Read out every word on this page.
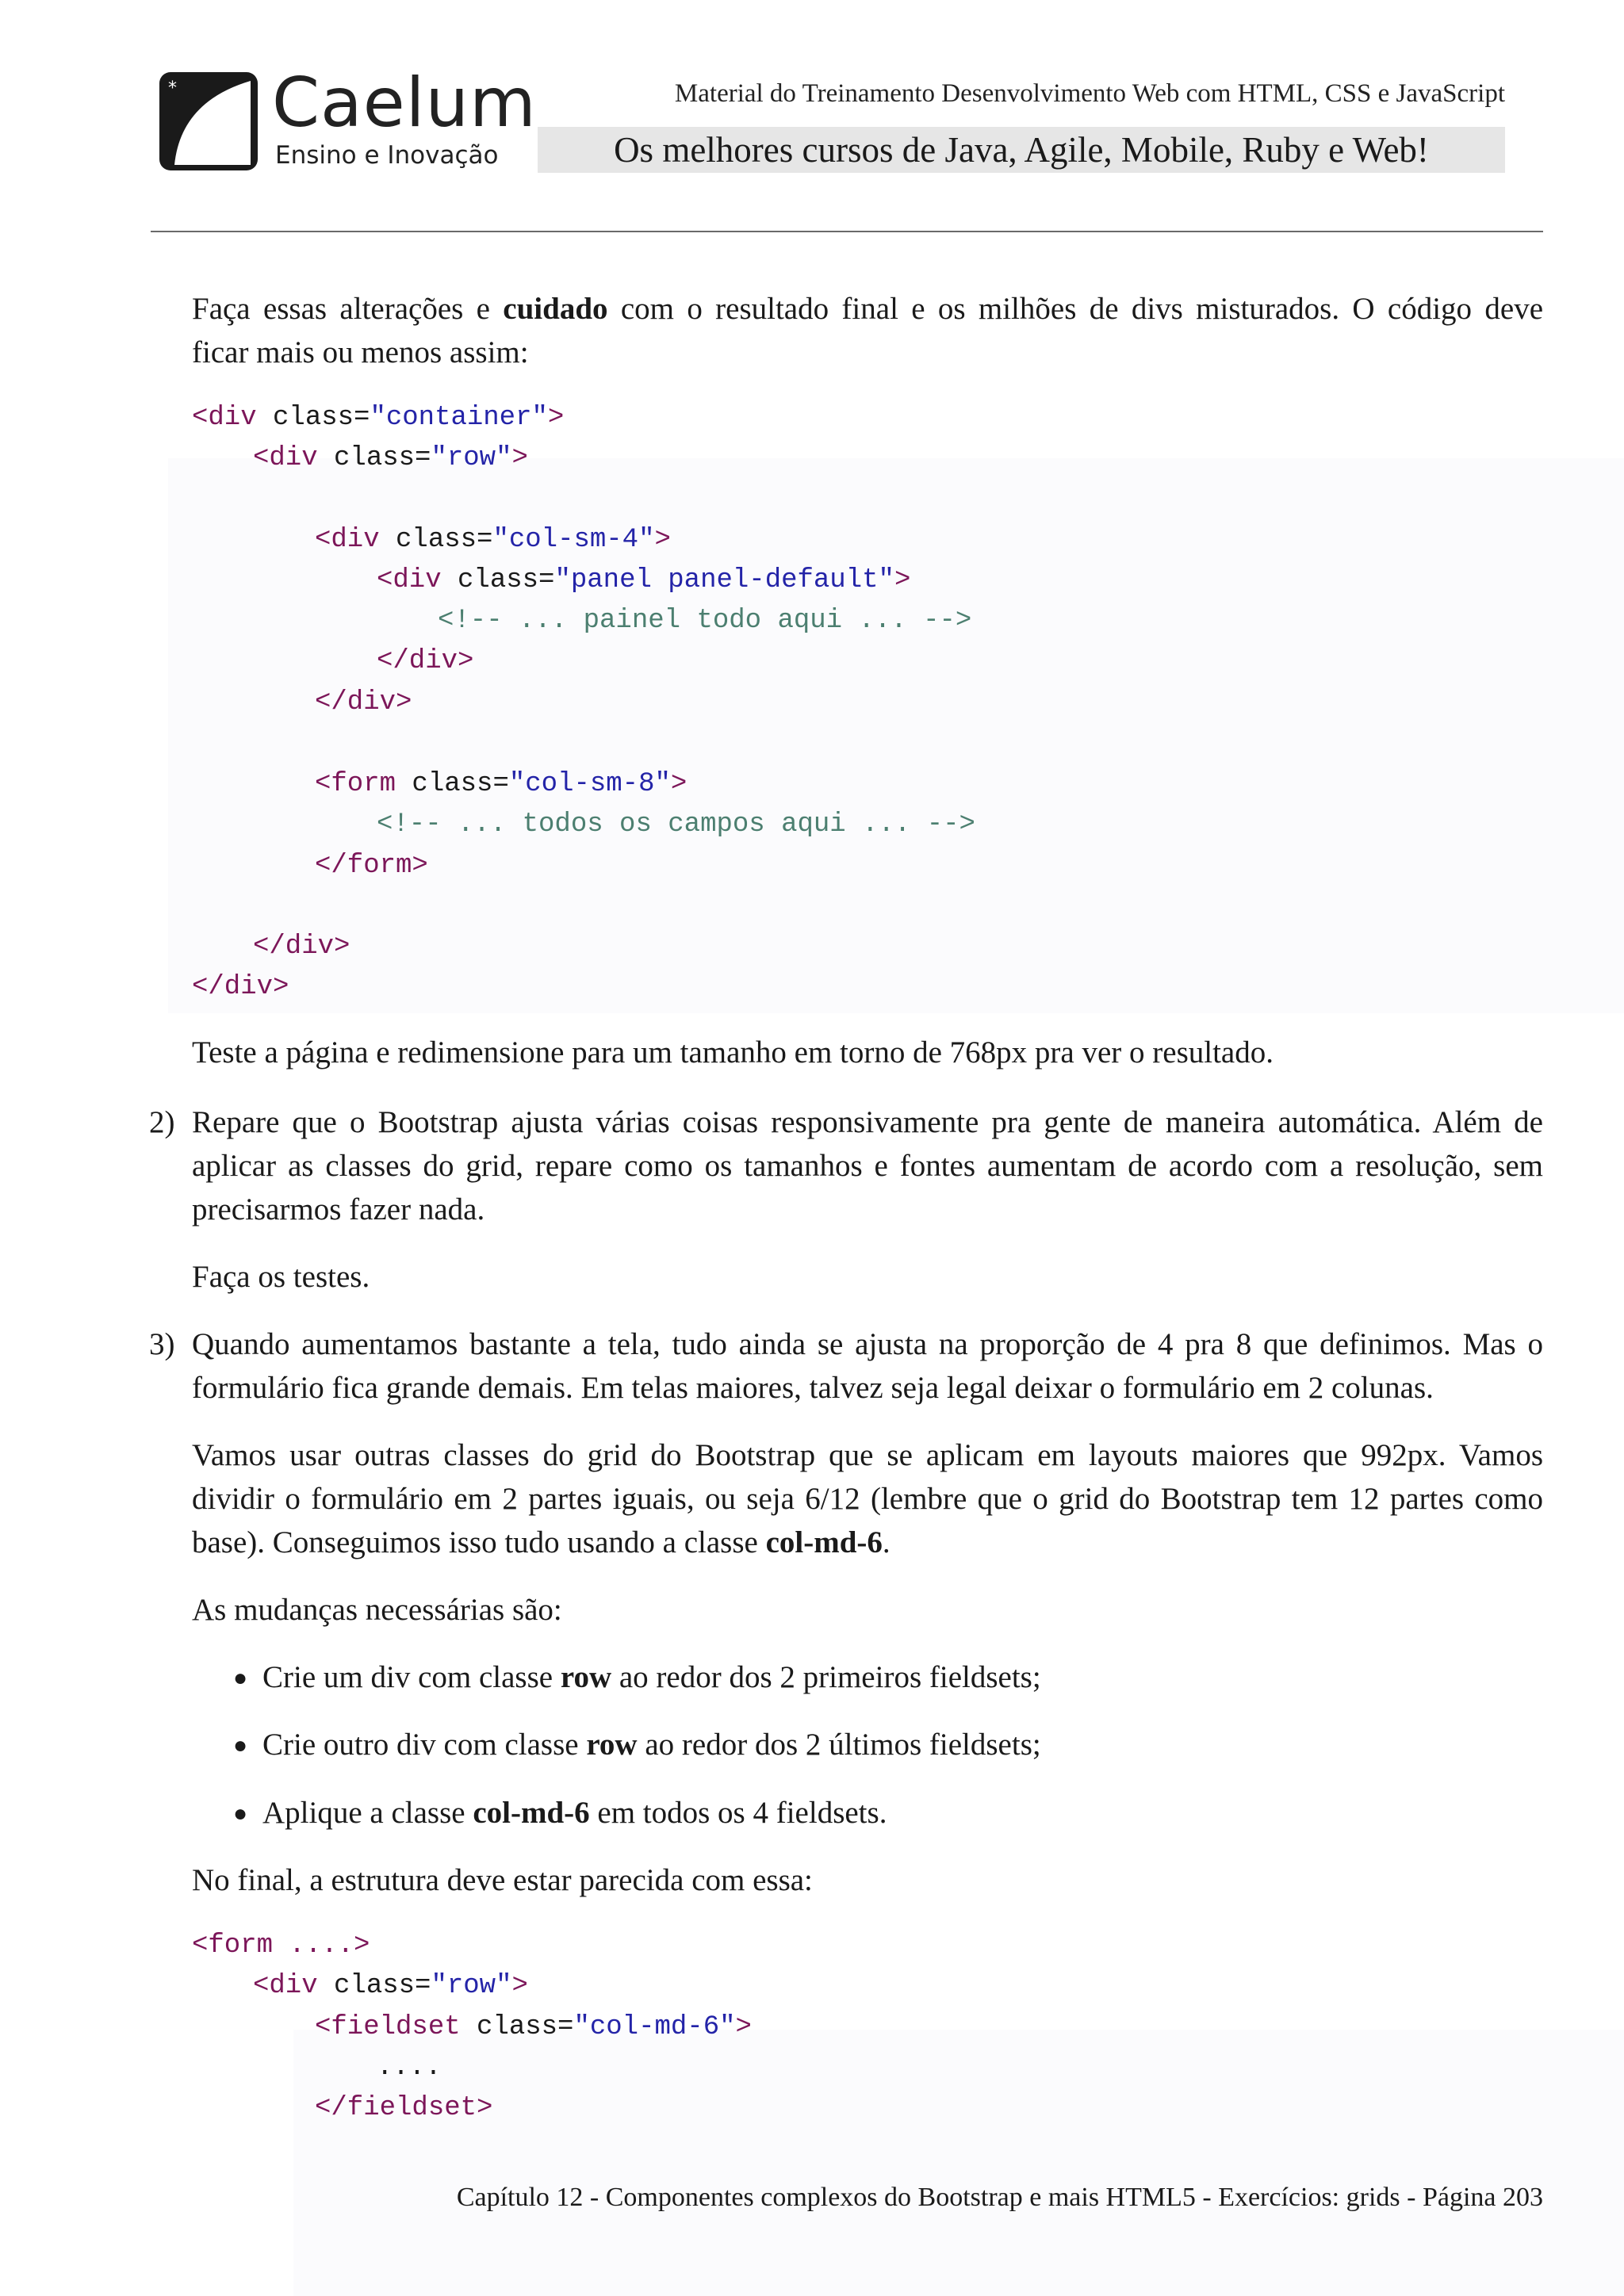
* Caelum
Ensino e Inovação
Material do Treinamento Desenvolvimento Web com HTML, CSS e JavaScript
Os melhores cursos de Java, Agile, Mobile, Ruby e Web!
Faça essas alterações e cuidado com o resultado final e os milhões de divs misturados. O código deve
ficar mais ou menos assim:
<div class="container">
<div class="row">
<div class="col-sm-4">
<div class="panel panel-default">
<!-- ... painel todo aqui ... -->
</div>
</div>
<form class="col-sm-8">
<!-- ... todos os campos aqui ... -->
</form>
</div>
</div>
Teste a página e redimensione para um tamanho em torno de 768px pra ver o resultado.
2) Repare que o Bootstrap ajusta várias coisas responsivamente pra gente de maneira automática. Além de
aplicar as classes do grid, repare como os tamanhos e fontes aumentam de acordo com a resolução, sem
precisarmos fazer nada.
Faça os testes.
3) Quando aumentamos bastante a tela, tudo ainda se ajusta na proporção de 4 pra 8 que definimos. Mas o
formulário fica grande demais. Em telas maiores, talvez seja legal deixar o formulário em 2 colunas.
Vamos usar outras classes do grid do Bootstrap que se aplicam em layouts maiores que 992px. Vamos
dividir o formulário em 2 partes iguais, ou seja 6/12 (lembre que o grid do Bootstrap tem 12 partes como
base). Conseguimos isso tudo usando a classe col-md-6.
As mudanças necessárias são:
● Crie um div com classe row ao redor dos 2 primeiros fieldsets;
● Crie outro div com classe row ao redor dos 2 últimos fieldsets;
● Aplique a classe col-md-6 em todos os 4 fieldsets.
No final, a estrutura deve estar parecida com essa:
<form ....>
<div class="row">
<fieldset class="col-md-6">
....
</fieldset>
Capítulo 12 - Componentes complexos do Bootstrap e mais HTML5 - Exercícios: grids - Página 203
